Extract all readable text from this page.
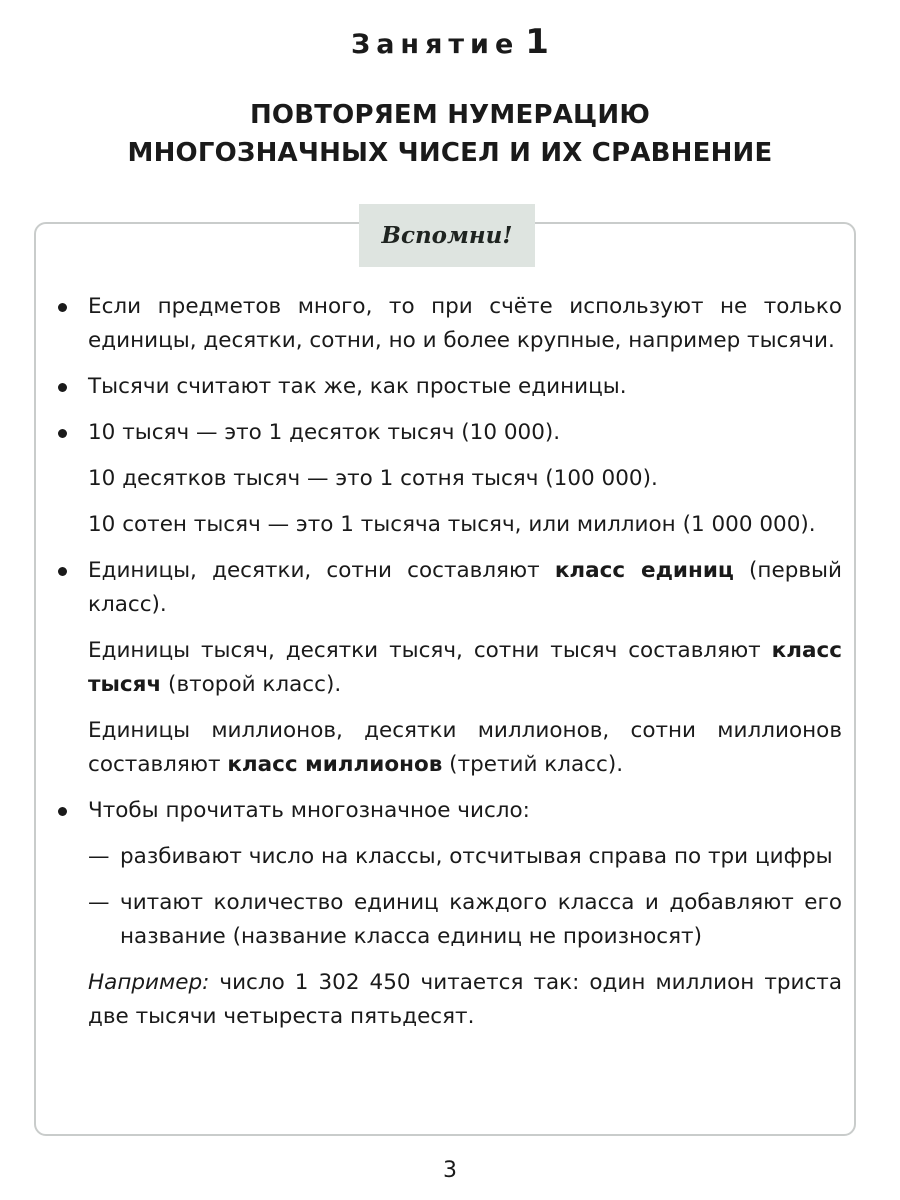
Занятие 1
ПОВТОРЯЕМ НУМЕРАЦИЮ
МНОГОЗНАЧНЫХ ЧИСЕЛ И ИХ СРАВНЕНИЕ
Вспомни!

Если предметов много, то при счёте используют не только единицы, десятки, сотни, но и более крупные, например тысячи.

Тысячи считают так же, как простые единицы.

10 тысяч — это 1 десяток тысяч (10 000).

10 десятков тысяч — это 1 сотня тысяч (100 000).

10 сотен тысяч — это 1 тысяча тысяч, или миллион (1 000 000).

Единицы, десятки, сотни составляют класс единиц (первый класс).

Единицы тысяч, десятки тысяч, сотни тысяч составляют класс тысяч (второй класс).

Единицы миллионов, десятки миллионов, сотни миллионов составляют класс миллионов (третий класс).

Чтобы прочитать многозначное число:

— разбивают число на классы, отсчитывая справа по три цифры

— читают количество единиц каждого класса и добавляют его название (название класса единиц не произносят)

Например: число 1 302 450 читается так: один миллион триста две тысячи четыреста пятьдесят.

3
